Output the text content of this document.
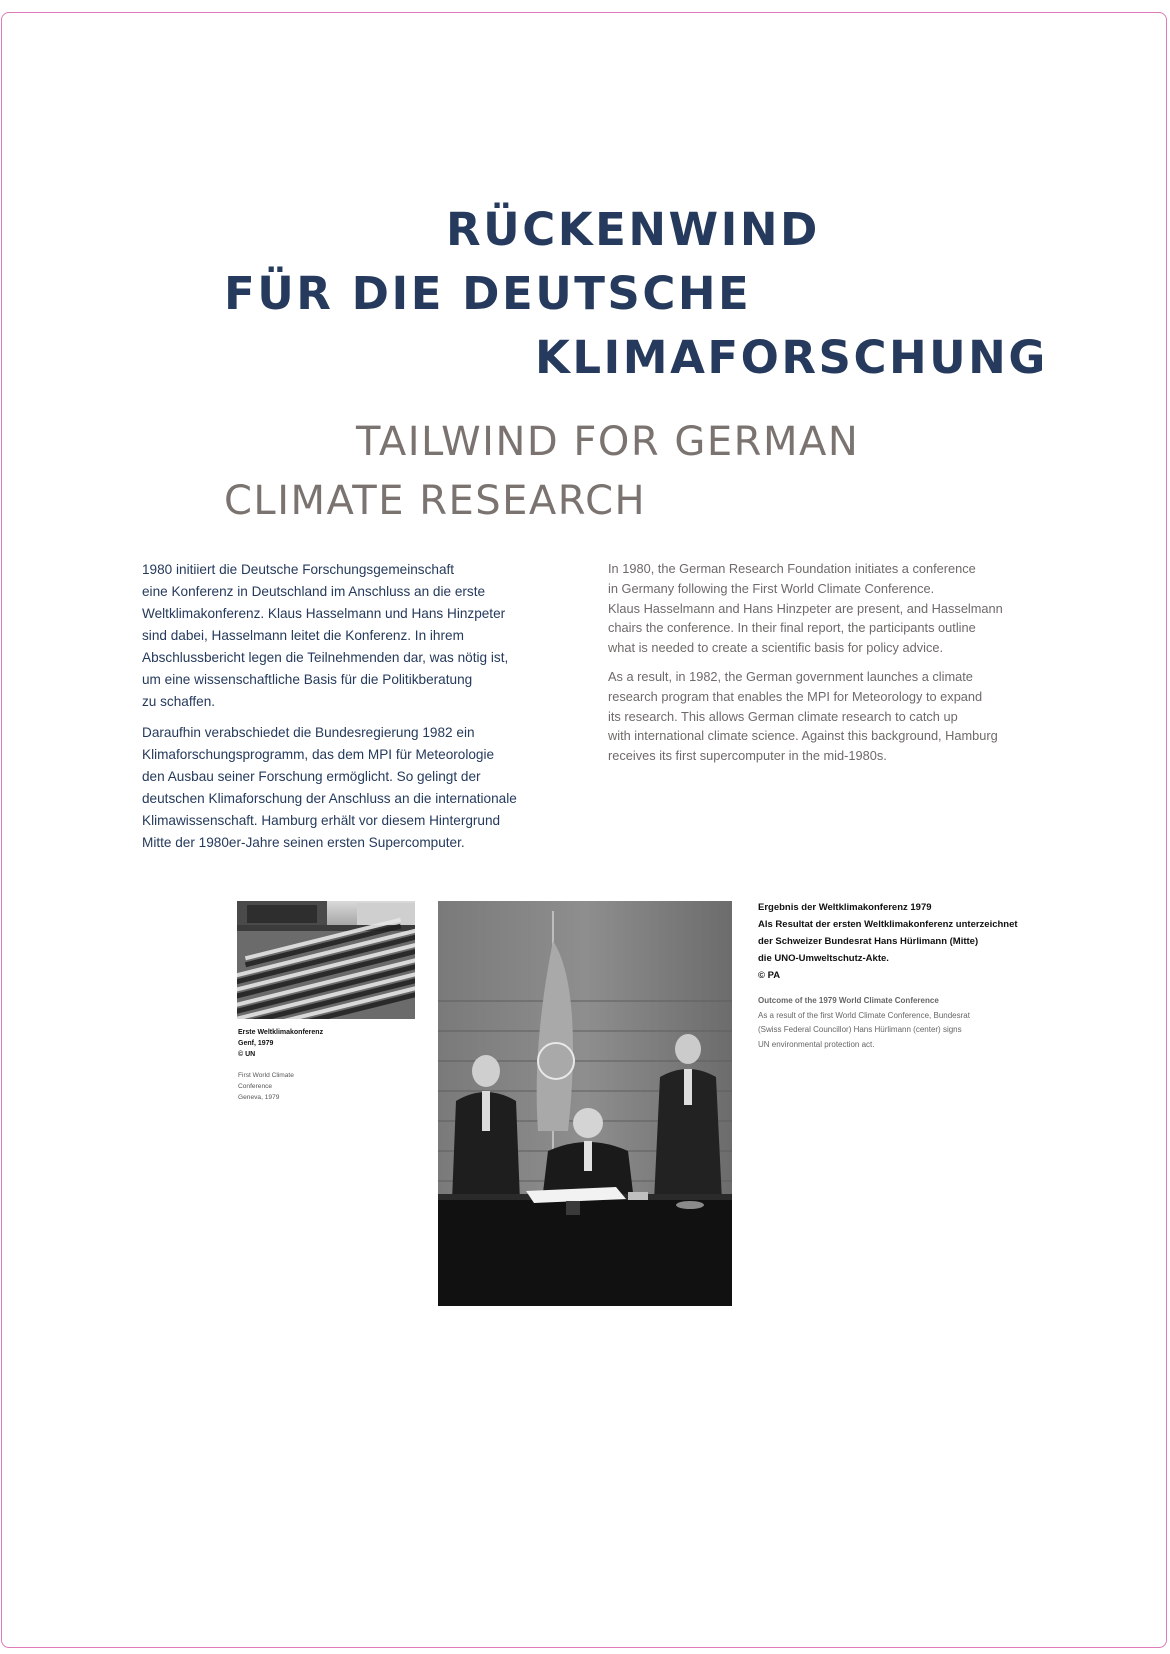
RÜCKENWIND
FÜR DIE DEUTSCHE
KLIMAFORSCHUNG
TAILWIND FOR GERMAN
CLIMATE RESEARCH

1980 initiiert die Deutsche Forschungsgemeinschaft
eine Konferenz in Deutschland im Anschluss an die erste
Weltklimakonferenz. Klaus Hasselmann und Hans Hinzpeter
sind dabei, Hasselmann leitet die Konferenz. In ihrem
Abschlussbericht legen die Teilnehmenden dar, was nötig ist,
um eine wissenschaftliche Basis für die Politikberatung
zu schaffen.

Daraufhin verabschiedet die Bundesregierung 1982 ein
Klimaforschungsprogramm, das dem MPI für Meteorologie
den Ausbau seiner Forschung ermöglicht. So gelingt der
deutschen Klimaforschung der Anschluss an die internationale
Klimawissenschaft. Hamburg erhält vor diesem Hintergrund
Mitte der 1980er-Jahre seinen ersten Supercomputer.

In 1980, the German Research Foundation initiates a conference
in Germany following the First World Climate Conference.
Klaus Hasselmann and Hans Hinzpeter are present, and Hasselmann
chairs the conference. In their final report, the participants outline
what is needed to create a scientific basis for policy advice.

As a result, in 1982, the German government launches a climate
research program that enables the MPI for Meteorology to expand
its research. This allows German climate research to catch up
with international climate science. Against this background, Hamburg
receives its first supercomputer in the mid-1980s.

Erste Weltklimakonferenz
Genf, 1979
© UN
First World Climate
Conference
Geneva, 1979
Ergebnis der Weltklimakonferenz 1979
Als Resultat der ersten Weltklimakonferenz unterzeichnet
der Schweizer Bundesrat Hans Hürlimann (Mitte)
die UNO-Umweltschutz-Akte.
© PA
Outcome of the 1979 World Climate Conference
As a result of the first World Climate Conference, Bundesrat
(Swiss Federal Councillor) Hans Hürlimann (center) signs
UN environmental protection act.
